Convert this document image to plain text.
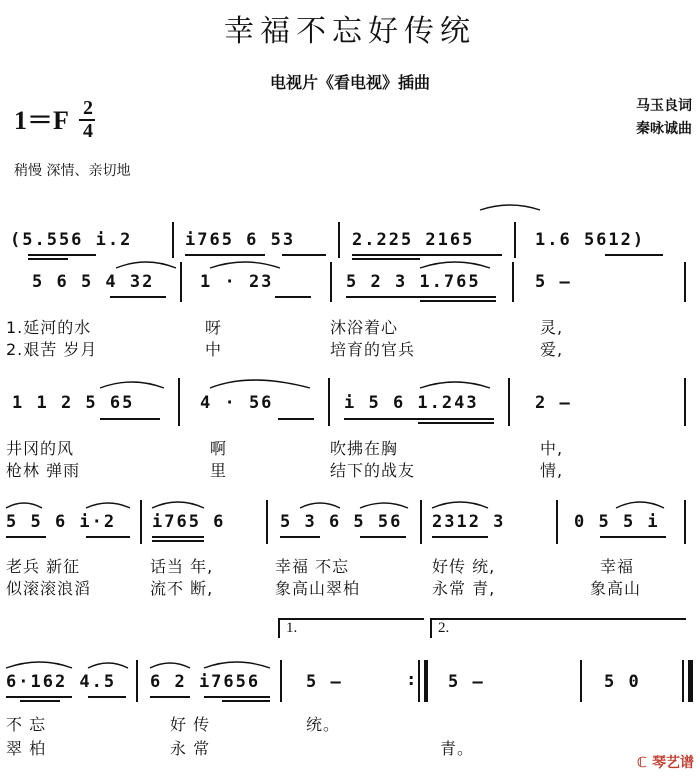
幸福不忘好传统
电视片《看电视》插曲
马玉良词
秦咏诚曲
1＝F 2
4
稍慢 深情、亲切地
(5.556 i.2	i765 6 53	2.225 2165	1.6 5612)
5 6 5 4 32	1 · 23	5 2 3 1.765	5 –
1.延河的水	呀	沐浴着心	灵,
2.艰苦 岁月	中	培育的官兵	爱,
1 1 2 5 65	4 · 56	i 5 6 1.243	2 –
井冈的风	啊	吹拂在胸	中,
枪林 弹雨	里	结下的战友	情,
5 5 6 i·2 i765 6	5 3 6 5 56 2312 3	0 5 5 i
老兵 新征	话当 年,	幸福 不忘	好传 统,	幸福
似滚滚浪滔	流不 断,	象高山翠柏	永常 青,	象高山
1.	2.
6·162 4.5 6 2 i7656	5 –	5 –	5 0
:
不 忘	好 传	统。
翠 柏	永 常	青。
ℂ 琴艺谱
